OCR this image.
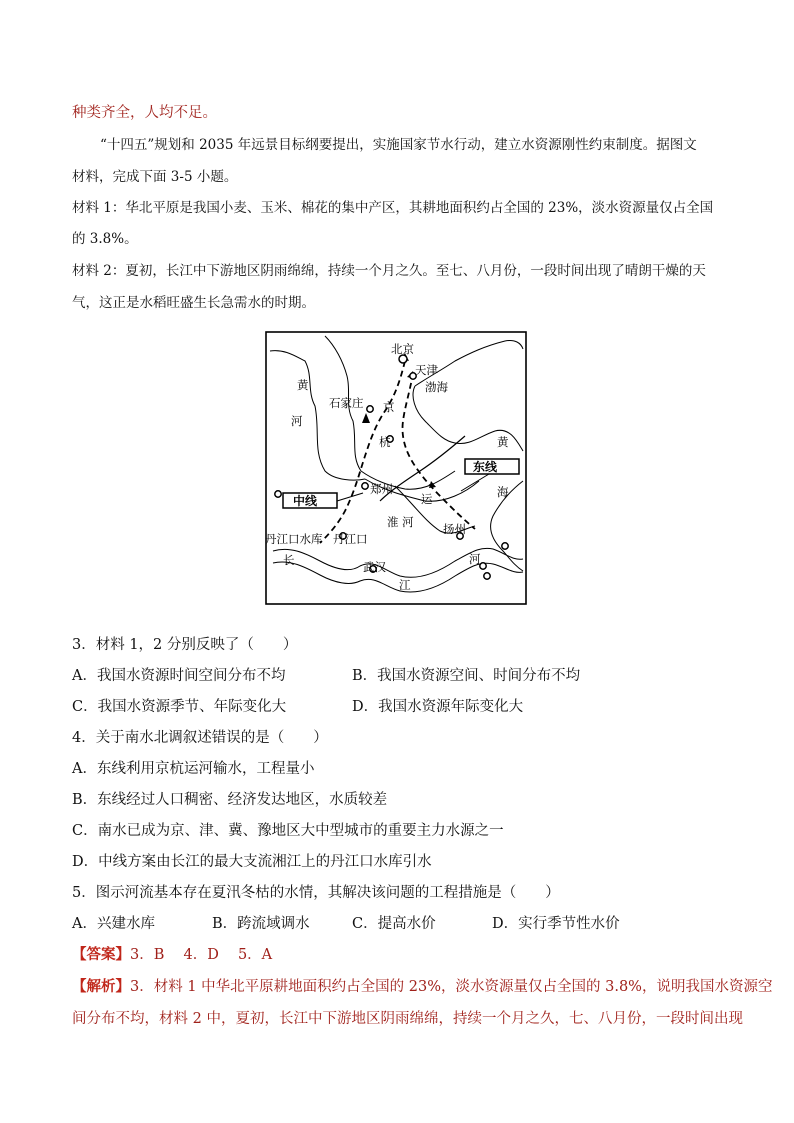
种类齐全，人均不足。
“十四五”规划和 2035 年远景目标纲要提出，实施国家节水行动，建立水资源刚性约束制度。据图文
材料，完成下面 3-5 小题。
材料 1：华北平原是我国小麦、玉米、棉花的集中产区，其耕地面积约占全国的 23%，淡水资源量仅占全国
的 3.8%。
材料 2：夏初，长江中下游地区阴雨绵绵，持续一个月之久。至七、八月份，一段时间出现了晴朗干燥的天
气，这正是水稻旺盛生长急需水的时期。
北京
天津
渤海
石家庄 京
杭
黄
河
黄
海
东线
中线
郑州
运
淮 河	扬州
丹江口水库 丹江口
武汉
长
江
河
3．材料 1，2 分别反映了（　　）
A．我国水资源时间空间分布不均	B．我国水资源空间、时间分布不均
C．我国水资源季节、年际变化大	D．我国水资源年际变化大
4．关于南水北调叙述错误的是（　　）
A．东线利用京杭运河输水，工程量小
B．东线经过人口稠密、经济发达地区，水质较差
C．南水已成为京、津、冀、豫地区大中型城市的重要主力水源之一
D．中线方案由长江的最大支流湘江上的丹江口水库引水
5．图示河流基本存在夏汛冬枯的水情，其解决该问题的工程措施是（　　）
A．兴建水库	B．跨流域调水	C．提高水价	D．实行季节性水价
【答案】3．B　 4．D　 5．A
【解析】3．材料 1 中华北平原耕地面积约占全国的 23%，淡水资源量仅占全国的 3.8%，说明我国水资源空
间分布不均，材料 2 中，夏初，长江中下游地区阴雨绵绵，持续一个月之久，七、八月份，一段时间出现
